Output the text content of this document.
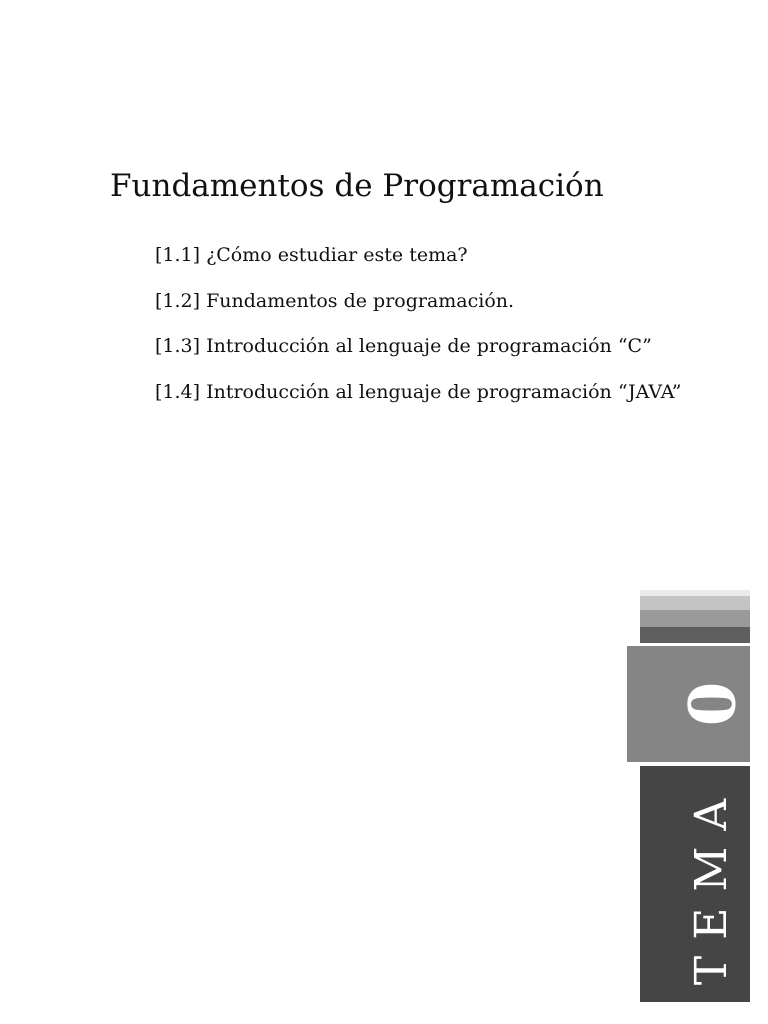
Fundamentos de Programación
[1.1] ¿Cómo estudiar este tema?
[1.2] Fundamentos de programación.
[1.3] Introducción al lenguaje de programación “C”
[1.4] Introducción al lenguaje de programación “JAVA”
0
TEMA
